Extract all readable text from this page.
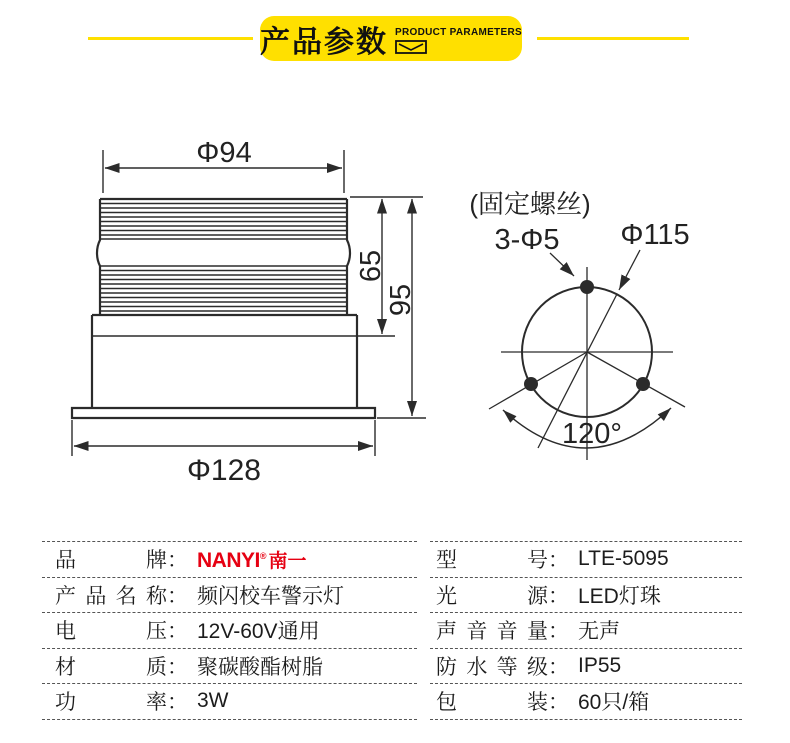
产品参数 PRODUCT PARAMETERS
Φ94
65
95
Φ128
(固定螺丝)
3-Φ5 Φ115
120°
品牌 ： NANYI ® 南一
产品名称 ： 频闪校车警示灯
电压 ： 12V-60V通用
材质 ： 聚碳酸酯树脂
功率 ： 3W
型号 ： LTE-5095
光源 ： LED灯珠
声音音量 ： 无声
防水等级 ： IP55
包装 ： 60只/箱
